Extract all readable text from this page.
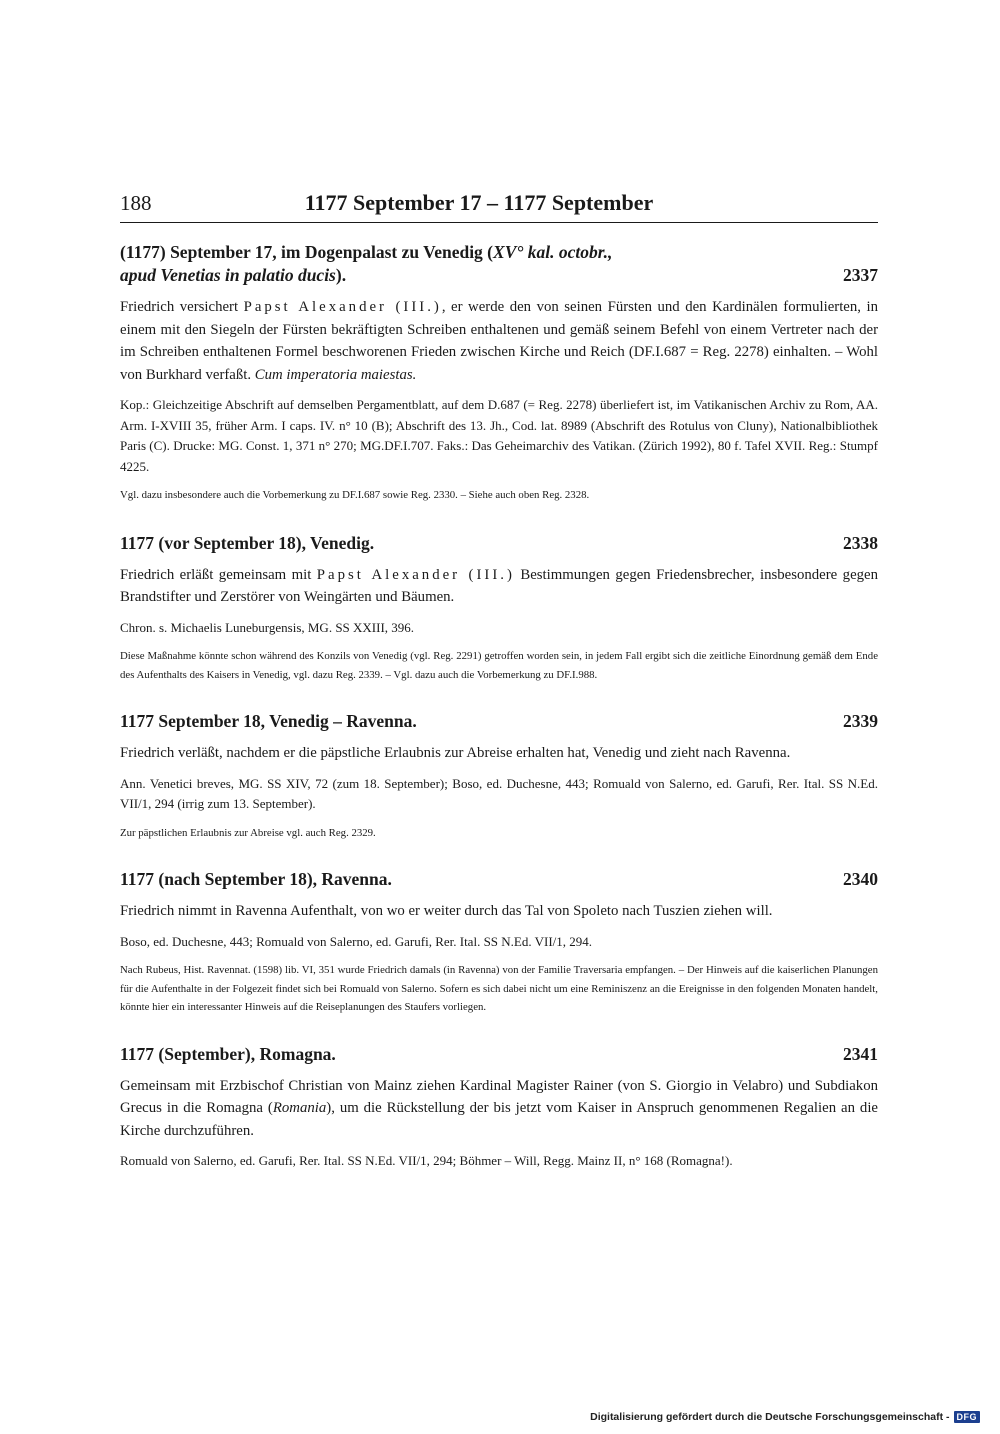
188	1177 September 17 – 1177 September
(1177) September 17, im Dogenpalast zu Venedig (XV° kal. octobr.,
apud Venetias in palatio ducis).	2337

Friedrich versichert Papst Alexander (III.), er werde den von seinen Fürsten und den Kardinälen formulierten, in einem mit den Siegeln der Fürsten bekräftigten Schreiben enthaltenen und gemäß seinem Befehl von einem Vertreter nach der im Schreiben enthaltenen Formel beschworenen Frieden zwischen Kirche und Reich (DF.I.687 = Reg. 2278) einhalten. – Wohl von Burkhard verfaßt. Cum imperatoria maiestas.

Kop.: Gleichzeitige Abschrift auf demselben Pergamentblatt, auf dem D.687 (= Reg. 2278) überliefert ist, im Vatikanischen Archiv zu Rom, AA. Arm. I-XVIII 35, früher Arm. I caps. IV. n° 10 (B); Abschrift des 13. Jh., Cod. lat. 8989 (Abschrift des Rotulus von Cluny), Nationalbibliothek Paris (C). Drucke: MG. Const. 1, 371 n° 270; MG.DF.I.707. Faks.: Das Geheimarchiv des Vatikan. (Zürich 1992), 80 f. Tafel XVII. Reg.: Stumpf 4225.

Vgl. dazu insbesondere auch die Vorbemerkung zu DF.I.687 sowie Reg. 2330. – Siehe auch oben Reg. 2328.

1177 (vor September 18), Venedig.	2338

Friedrich erläßt gemeinsam mit Papst Alexander (III.) Bestimmungen gegen Friedensbrecher, insbesondere gegen Brandstifter und Zerstörer von Weingärten und Bäumen.

Chron. s. Michaelis Luneburgensis, MG. SS XXIII, 396.

Diese Maßnahme könnte schon während des Konzils von Venedig (vgl. Reg. 2291) getroffen worden sein, in jedem Fall ergibt sich die zeitliche Einordnung gemäß dem Ende des Aufenthalts des Kaisers in Venedig, vgl. dazu Reg. 2339. – Vgl. dazu auch die Vorbemerkung zu DF.I.988.

1177 September 18, Venedig – Ravenna.	2339

Friedrich verläßt, nachdem er die päpstliche Erlaubnis zur Abreise erhalten hat, Venedig und zieht nach Ravenna.

Ann. Venetici breves, MG. SS XIV, 72 (zum 18. September); Boso, ed. Duchesne, 443; Romuald von Salerno, ed. Garufi, Rer. Ital. SS N.Ed. VII/1, 294 (irrig zum 13. September).

Zur päpstlichen Erlaubnis zur Abreise vgl. auch Reg. 2329.

1177 (nach September 18), Ravenna.	2340

Friedrich nimmt in Ravenna Aufenthalt, von wo er weiter durch das Tal von Spoleto nach Tuszien ziehen will.

Boso, ed. Duchesne, 443; Romuald von Salerno, ed. Garufi, Rer. Ital. SS N.Ed. VII/1, 294.

Nach Rubeus, Hist. Ravennat. (1598) lib. VI, 351 wurde Friedrich damals (in Ravenna) von der Familie Traversaria empfangen. – Der Hinweis auf die kaiserlichen Planungen für die Aufenthalte in der Folgezeit findet sich bei Romuald von Salerno. Sofern es sich dabei nicht um eine Reminiszenz an die Ereignisse in den folgenden Monaten handelt, könnte hier ein interessanter Hinweis auf die Reiseplanungen des Staufers vorliegen.

1177 (September), Romagna.	2341

Gemeinsam mit Erzbischof Christian von Mainz ziehen Kardinal Magister Rainer (von S. Giorgio in Velabro) und Subdiakon Grecus in die Romagna (Romania), um die Rückstellung der bis jetzt vom Kaiser in Anspruch genommenen Regalien an die Kirche durchzuführen.

Romuald von Salerno, ed. Garufi, Rer. Ital. SS N.Ed. VII/1, 294; Böhmer – Will, Regg. Mainz II, n° 168 (Romagna!).

Digitalisierung gefördert durch die Deutsche Forschungsgemeinschaft - DFG
